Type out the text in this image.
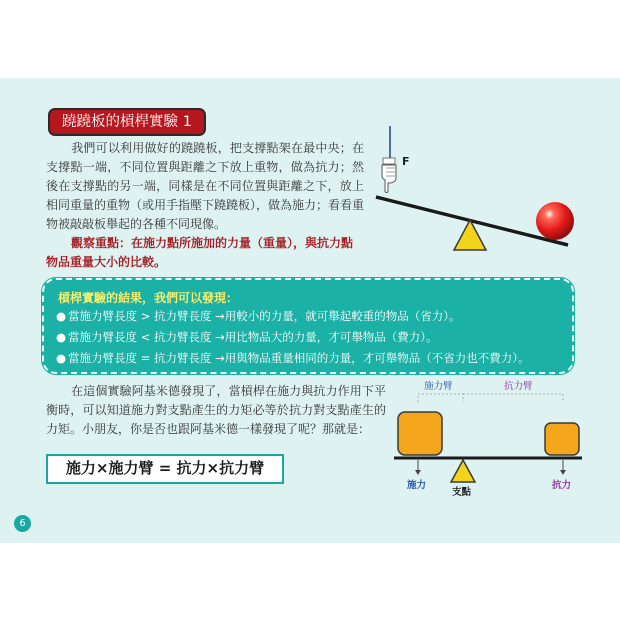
蹺蹺板的槓桿實驗 1

我們可以利用做好的蹺蹺板，把支撐點架在最中央；在支撐點一端，不同位置與距離之下放上重物，做為抗力；然後在支撐點的另一端，同樣是在不同位置與距離之下，放上相同重量的重物（或用手指壓下蹺蹺板），做為施力；看看重物被敲敲板舉起的各種不同現像。
觀察重點：在施力點所施加的力量（重量），與抗力點
物品重量大小的比較。

F
槓桿實驗的結果，我們可以發現：
● 當施力臂長度 > 抗力臂長度 →用較小的力量，就可舉起較重的物品（省力）。
● 當施力臂長度 < 抗力臂長度 →用比物品大的力量，才可舉物品（費力）。
● 當施力臂長度 = 抗力臂長度 →用與物品重量相同的力量，才可舉物品（不省力也不費力）。

在這個實驗阿基米德發現了，當槓桿在施力與抗力作用下平衡時，可以知道施力對支點產生的力矩必等於抗力對支點產生的力矩。小朋友，你是否也跟阿基米德一樣發現了呢？那就是：

施力×施力臂 = 抗力×抗力臂
施力臂	抗力臂
施力
支點
抗力
6
